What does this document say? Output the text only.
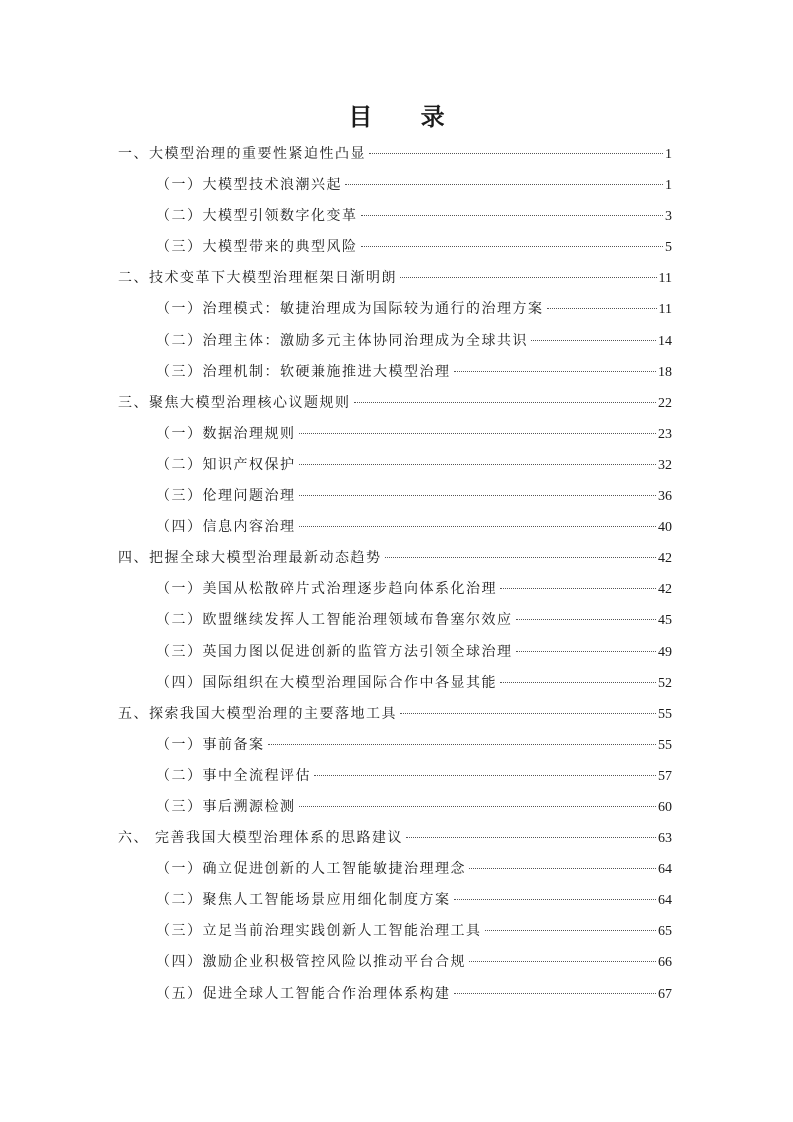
目 录
一、大模型治理的重要性紧迫性凸显	1
（一）大模型技术浪潮兴起	1
（二）大模型引领数字化变革	3
（三）大模型带来的典型风险	5
二、技术变革下大模型治理框架日渐明朗	11
（一）治理模式：敏捷治理成为国际较为通行的治理方案	11
（二）治理主体：激励多元主体协同治理成为全球共识	14
（三）治理机制：软硬兼施推进大模型治理	18
三、聚焦大模型治理核心议题规则	22
（一）数据治理规则	23
（二）知识产权保护	32
（三）伦理问题治理	36
（四）信息内容治理	40
四、把握全球大模型治理最新动态趋势	42
（一）美国从松散碎片式治理逐步趋向体系化治理	42
（二）欧盟继续发挥人工智能治理领域布鲁塞尔效应	45
（三）英国力图以促进创新的监管方法引领全球治理	49
（四）国际组织在大模型治理国际合作中各显其能	52
五、探索我国大模型治理的主要落地工具	55
（一）事前备案	55
（二）事中全流程评估	57
（三）事后溯源检测	60
六、 完善我国大模型治理体系的思路建议	63
（一）确立促进创新的人工智能敏捷治理理念	64
（二）聚焦人工智能场景应用细化制度方案	64
（三）立足当前治理实践创新人工智能治理工具	65
（四）激励企业积极管控风险以推动平台合规	66
（五）促进全球人工智能合作治理体系构建	67
